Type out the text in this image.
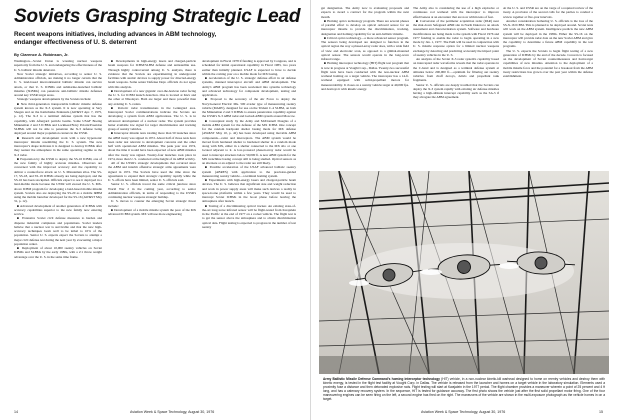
Soviets Grasping Strategic Lead
Recent weapons initiatives, including advances in ABM technology, endanger effectiveness of U. S. deterrent
By Clarence A. Robinson, Jr.

Washington—Soviet Union is wresting nuclear weapons superiority from the U. S. and endangering the effectiveness of the U. S. ballistic missile deterrent.

New Soviet strategic initiatives, according to senior U. S. Administration officials, are making it no longer certain that the U. S. land-based intercontinental ballistic missile can survive attack, or that U. S. ICBMs and submarine-launched ballistic missiles (SLBMs) can penetrate anti-ballistic missile defenses around key USSR target areas.

Strategic weapons developments by the Soviets include:

■ New third-generation transportable ballistic missile defense system known as the X-3 system. It is now operating at Sary Shagan and on the Kamchatka Peninsula (AW&ST Apr. 7, 1975, p. 12). The X-3 is a terminal defense system that has the capability, with Aftergard particle beams. Some USAF Boeing Minuteman 2 and 3 ICBMs and Lockheed/Navy Polaris/Poseidon SLBMs will not be able to penetrate the X-3 defense being deployed around major population centers in the USSR.

■ Research and development work with a new hypersonic interceptor missile resembling the U. S. system. The new interceptor's shape indicates it is designed to destroy ICBMs after they reenter the atmosphere in the same operating regime as the X-3 radar.

■ Preparation by the USSR to deploy the SS-16 ICBM, one of the new family of highly accurate missiles. Observers are concerned with the improved accuracy and the capability to deliver a counterforce attack on U. S. Minuteman silos. The SS-17, SS-18, and SS-19 ICBMs already are being deployed, and the SS-16 has been stockpiled. Officials expect to see it deployed in a land-mobile mode because the USSR will exceed the U. S. MX-above ICBM program for developing a land-based mobile missile system. Soviets also are deploying the SS-20 as a mobile IRBM using the mobile launcher developed for the SS-16 (AW&ST May 31, p. 12).

■ Advanced development of another generation of ICBMs with accuracy capabilities superior to the new family now entering service.

■ Extensive Soviet civil defense measures to harden and disperse industrial complexes and populations. Soviet leaders believe that a nuclear war is survivable and that the new high-accuracy techniques loom well to be lethal to 10% of the population. Senior U. S. experts expect the Soviets to attempt a major civil defense test during the next year by evacuating a major population center.

■ Deployment of about 10,000 reentry vehicles on Soviet ICBMs and SLBMs by the early 1980s, with a 2:1 throw weight advantage over the U. S. in the same time frame.

■ Developments in high-energy lasers and charged-particle beam weapons for ICBM/SLBM defense and antisatellite use. Through highly controversial among U. S. analysts, there is evidence that the Soviets are experimenting in underground facilities with atomic devices to supply power for directed-energy beam weapons. Some senior Defense Dept. officials do not agree with this analysis.

■ Development of a new gigantic over-the-horizon radar facing the U. S. for ICBM launch detection. One is located at Kiev and the other at Nikolayev. Both are larger and more powerful than any existing U. S. radars.

■ Robotic radar transmissions in the Leningrad area. Intercepted Soviet communications indicate the Soviets are developing a system from ABM applications. The U. S. is in advanced development of a nuclear radar. The system provides better available low signal for target discrimination and tracking group of reentry vehicles.

■ Interceptor missile tests totaling more than 50 launches since the ABM treaty was signed in 1972. About half of those tests have been radar test relevant to development concerns and the other half with operational ABM missiles. The peak year was 1974, about the time it would have been expected of new ABM missiles after the treaty was signed. Twenty-four launches took place in 1974, more than U. S. conducted at the height of its ABM activity.

All of the USSR's strategic developments that occurred since the ABM and interim offensive strategic arms agreements were signed in 1972. The Soviets have used the time since the agreements to expand their strategic capability rapidly while the U. S. efforts have been limited, senior U. S. officials said.

Senior U. S. officials traced the same critical juncture since World War 2 in the coming year, according to senior Administration officials, in terms of responding to the USSR's continuing nuclear weapons strategic buildup.

U. S. moves to counter the emerging Soviet strategic threat include:

■ Development of a mobile missile system the pace of the MX advanced ICBM system. MX will use more engineering

development in Fiscal 1978 if funding is approved by Congress, and is scheduled for initial operational capability in Fiscal 1983, two years earlier than initially planned. USAF is expected to have to decide within the coming year on a mobile mode for MX basing.

■ Acceleration of the U. S. strategic defense effort in air defense systems, manned interceptor aircraft and ABM development. The Army's ABM program has been reoriented into systems technology and advanced technology for component development, testing and application.

■ Proposal to the secretary of the Air Force to deploy the Navy/General Electric Mk. 500 evader type of maneuvering reentry vehicle (MARV), designed for use on the Trident C-4 SLBM, on both the Minuteman 2 and 3 ICBMs to ensure penetration capability against the USSR's X-3 ABM radar and Galosh ABM system around Moscow.

■ Conceptual study by the Army and McDonnell Douglas of a mobile ABM system for the defense of the MX ICBM. One concept for the random hardpoint shelter basing mode for MX defense (AW&ST May 10, p. 42) has been developed using movable ABM components—radar and interceptors. The ABM system would be moved from hardened shelter to hardened shelter in a random mode along with MX, either in a shelter connected to the MX silo or one located adjacent to it. A low-powered phased-array radar would be used to intercept attackers below 50,000 ft. A new ABM system for the MX trenchline basing concept still is being studied. Optical sensors as an alternate or an adjunct to the radar are still likely.

■ Possible acceleration of the USAF advanced ballistic reentry system (ABRES) with application to the precision-guided maneuvering reentry vehicle—a terminal homing system.

■ Experiments with high-energy lasers and charged-particle beam devices. The U. S. believes that significant size and weight reduction and work in power supply areas will make such devices a reality in space-borne platforms within a few years. They would be used to intercept Soviet ICBMs in the boost phase before leaving the atmosphere after launch.

■ Testing of a discriminating optical tracker. An existing state-of-the-art long-wave infrared sensor will be flight-tested from Kwajalein in the Pacific at the end of 1977 on a rocket vehicle. The flight test is to get the sensor above the atmosphere and to obtain discrimination optical data. Flight testing is expected to progress in the number of test reentry

14	Aviation Week & Space Technology, August 30, 1976

get designation. The Army now is evaluating proposals and expects to award a contract for the program within the next month.

■ Homing optics technology program. There are several phases of parallel effort to develop an optical onboard sensor for an interceptor missile to provide the discrimination, tracking, designation and homing capability for an anti-ballistic missile.

■ Critical optics technology—a more advanced sensor program. The sensors being developed are designed to function in the optical region the way a phased-array radar does, with a wide field of view and electronic scan, as opposed to a gimbal-mounted optical sensor. The sensors would operate in the long-wave infrared range.

■ Homing interceptor technology (HIT) flight test program that is now in progress at Vought Corp., Dallas. Twenty-two successful flight tests have been conducted with the non-nuclear ABM warhead homing on a target vehicle. The interceptor has a 14-ft. warhead equipped with solid-propellant motors for maneuverability. It closes on a reentry vehicle target at 40,000 fps. and destroys it with kinetic energy.

The Army also is considering the use of a high explosive or continuous rod warhead with the interceptor to improve effectiveness at an encounter that are now within tens of feet.

■ Conversion of the perimeter acquisition radar (PAR) near the shut-down Safeguard ABM site in North Dakota to an attack assessment and characterization system. Software and hardware modifications are being made to the system with Fiscal 1976 and 1977 funding to enable the radar to begin operating in a new mode by Jan. 1, 1977. The PAR will be used in conjunction with U. S. missile response option for a limited nuclear weapons exchange by detecting and predicting accurately the impact point of reentry vehicles in the U. S.

An analysis of the Soviet X-3 radar system's capability based on intercepted radar waveforms reveals that the radar operates in the C-band and is designed as a terminal defense system at altitudes below 200,000 ft.—optimum for filtering out reentry vehicles from chaff decoys, debris and propellant tank fragments.

Senior U. S. officials are deeply troubled that the Soviets can deploy the X-3 system rapidly with existing air defense missiles having a high-altitude intercept capability such as the SA-5 if they abrogate the ABM agreement.

At the U. S. and USSR are on the verge of a required review of the treaty. A provision of the second calls for the parties to conduct a review together at five-year intervals.

Another consideration bothering U. S. officials is the loss of the SS-X-16 ICBM. This is planned to be deployed around. Soviet tests will work on the ABM system. Intelligence predicts the new ABM system will be deployed in the 1980s. Either the SS-16 on the interceptor will provide radar data on the new Soviet ABM and give the capability to determine a future ABM capability in the test programs.

The U. S. expects the Soviets to begin flight testing of a new generation of ICBMs by the end of the decade. Concern is focused on the development of Soviet countermeasures and hard-target capabilities of new missiles. Attention to the deployment of a mobile missile force and the potential for a breakout from the ABM treaty restrictions has grown over the past year within the defense establishment.

Army Ballistic Missile Defense Command's homing interceptor technology (HIT) vehicle, in a non-nuclear kinetic-kill warhead designed to home on reentry vehicles and destroy them with kinetic energy, is tested in the flight test facility at Vought Corp. in Dallas. The vehicle is released from the launcher and homes on a target vehicle in the laboratory simulation. Elements used a proximity fuse a distance and then detonated explosive rods. Flight testing will start at Kwajalein in the 1977 period. The flight chamber provides a maneuver wherein a point of 25 percent and 4 ft long, and has a catenary recovery system. In the sequence, HIT is tested for guidance accuracy. The first photo shows the vehicle just after the first solid propellant motor firing. One of the four maneuvering engines can be seen firing on the left, a second engine has fired on the right. The maneuvers of the vehicle are shown in the multi-exposure photograph as the vehicle homes in on a target.
Aviation Week & Space Technology, August 30, 1976	15
